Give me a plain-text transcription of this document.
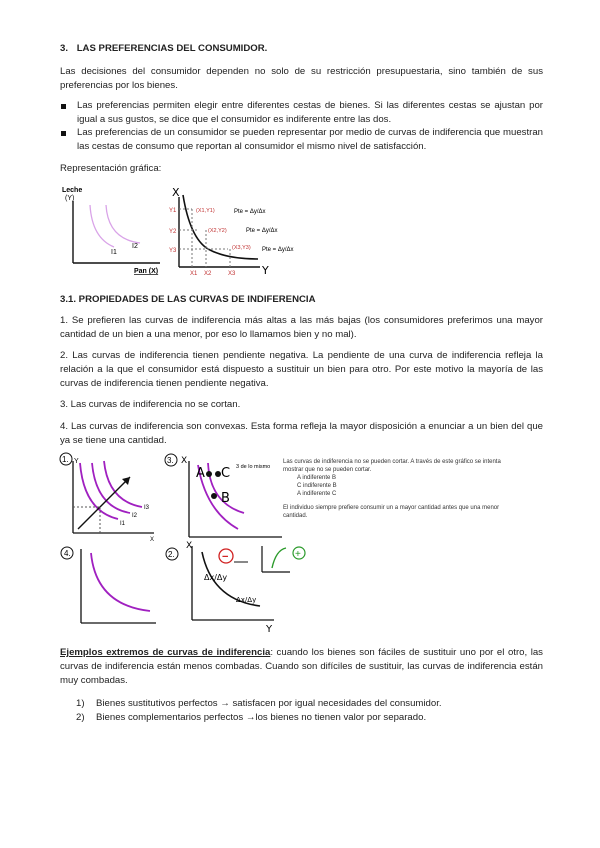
3. LAS PREFERENCIAS DEL CONSUMIDOR.
Las decisiones del consumidor dependen no solo de su restricción presupuestaria, sino también de sus preferencias por los bienes.
Las preferencias permiten elegir entre diferentes cestas de bienes. Si las diferentes cestas se ajustan por igual a sus gustos, se dice que el consumidor es indiferente entre las dos.
Las preferencias de un consumidor se pueden representar por medio de curvas de indiferencia que muestran las cestas de consumo que reportan al consumidor el mismo nivel de satisfacción.
Representación gráfica:
Leche
(Y)
I1
I2
Pan (X)
X
Y
Y1
Y2
Y3
X1 X2	X3
(X1,Y1)
(X2,Y2)
(X3,Y3)
Pte = Δy/Δx
Pte = Δy/Δx
Pte = Δy/Δx
3.1. PROPIEDADES DE LAS CURVAS DE INDIFERENCIA
1. Se prefieren las curvas de indiferencia más altas a las más bajas (los consumidores preferimos una mayor cantidad de un bien a una menor, por eso lo llamamos bien y no mal).
2. Las curvas de indiferencia tienen pendiente negativa. La pendiente de una curva de indiferencia refleja la relación a la que el consumidor está dispuesto a sustituir un bien para otro. Por este motivo la mayoría de las curvas de indiferencia tienen pendiente negativa.
3. Las curvas de indiferencia no se cortan.
4. Las curvas de indiferencia son convexas. Esta forma refleja la mayor disposición a enunciar a un bien del que ya se tiene una cantidad.
1. Y
I3
I2
I1
X
3. X
A C
B
3 de lo mismo
Las curvas de indiferencia no se pueden cortar. A través de este gráfico se intenta mostrar que no se pueden cortar.
A indiferente B
C indiferente B
A indiferente C
El individuo siempre prefiere consumir un a mayor cantidad antes que una menor cantidad.
4.	2.
X
Y
−
Δx/Δy
Δx/Δy
+
Ejemplos extremos de curvas de indiferencia: cuando los bienes son fáciles de sustituir uno por el otro, las curvas de indiferencia están menos combadas. Cuando son difíciles de sustituir, las curvas de indiferencia están muy combadas.
1) Bienes sustitutivos perfectos → satisfacen por igual necesidades del consumidor.
2) Bienes complementarios perfectos →los bienes no tienen valor por separado.
